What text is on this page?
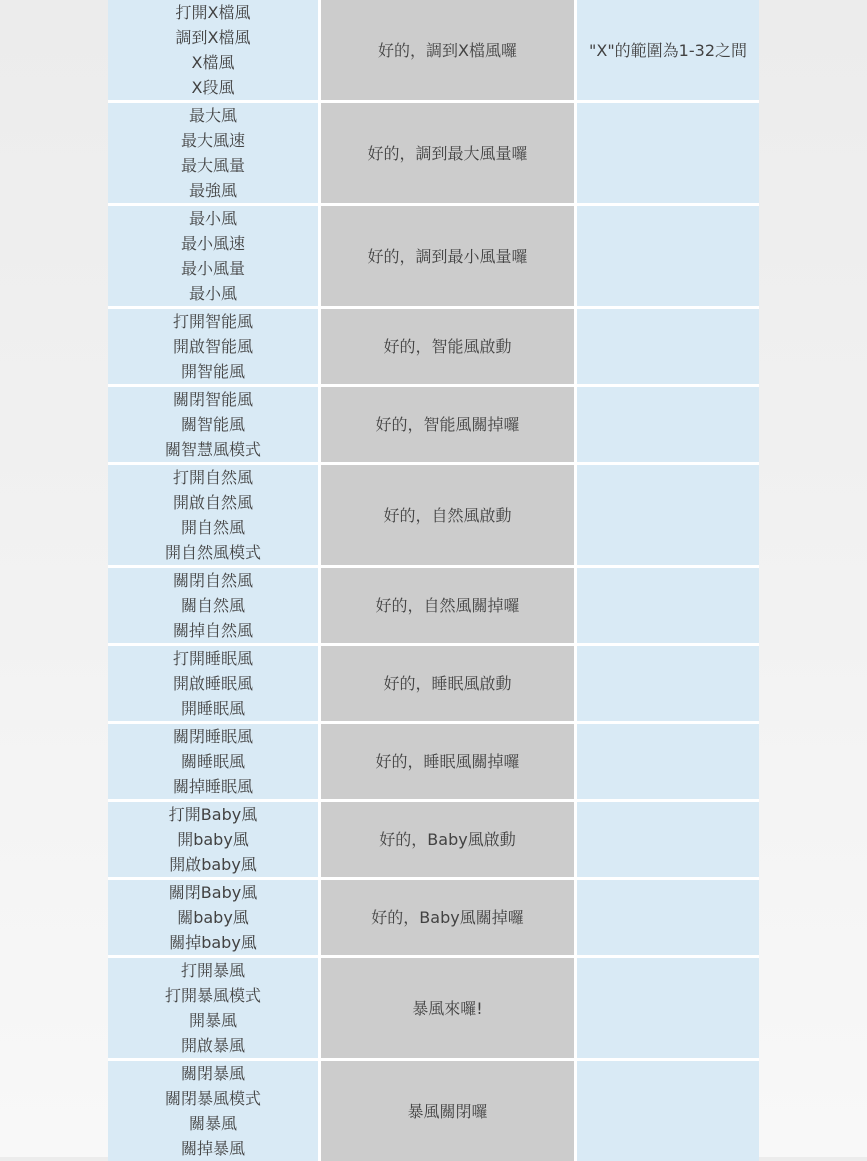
打開X檔風
調到X檔風
X檔風
X段風
好的，調到X檔風囉	"X"的範圍為1-32之間
最大風
最大風速
最大風量
最強風
好的，調到最大風量囉
最小風
最小風速
最小風量
最小風
好的，調到最小風量囉
打開智能風
開啟智能風
開智能風
好的，智能風啟動
關閉智能風
關智能風
關智慧風模式
好的，智能風關掉囉
打開自然風
開啟自然風
開自然風
開自然風模式
好的，自然風啟動
關閉自然風
關自然風
關掉自然風
好的，自然風關掉囉
打開睡眠風
開啟睡眠風
開睡眠風
好的，睡眠風啟動
關閉睡眠風
關睡眠風
關掉睡眠風
好的，睡眠風關掉囉
打開Baby風
開baby風
開啟baby風
好的，Baby風啟動
關閉Baby風
關baby風
關掉baby風
好的，Baby風關掉囉
打開暴風
打開暴風模式
開暴風
開啟暴風
暴風來囉!
關閉暴風
關閉暴風模式
關暴風
關掉暴風
暴風關閉囉
